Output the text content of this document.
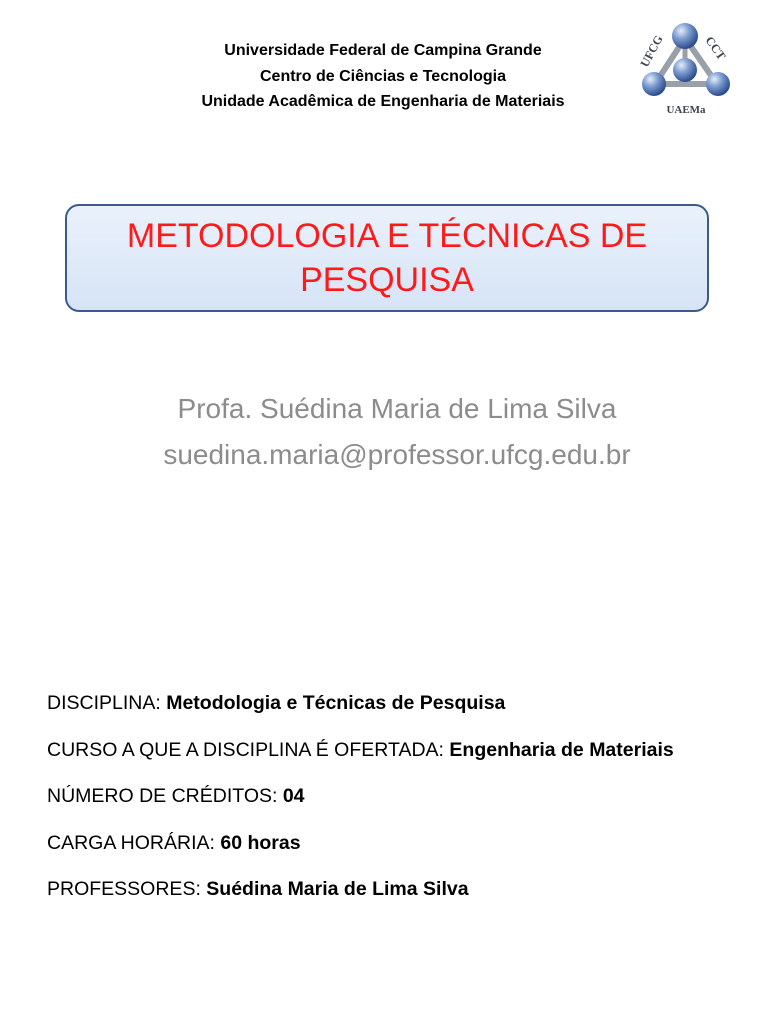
Universidade Federal de Campina Grande
Centro de Ciências e Tecnologia
Unidade Acadêmica de Engenharia de Materiais
UFCG	CCT
UAEMa
METODOLOGIA E TÉCNICAS DE
PESQUISA
Profa. Suédina Maria de Lima Silva
suedina.maria@professor.ufcg.edu.br
DISCIPLINA: Metodologia e Técnicas de Pesquisa
CURSO A QUE A DISCIPLINA É OFERTADA: Engenharia de Materiais
NÚMERO DE CRÉDITOS: 04
CARGA HORÁRIA: 60 horas
PROFESSORES: Suédina Maria de Lima Silva
